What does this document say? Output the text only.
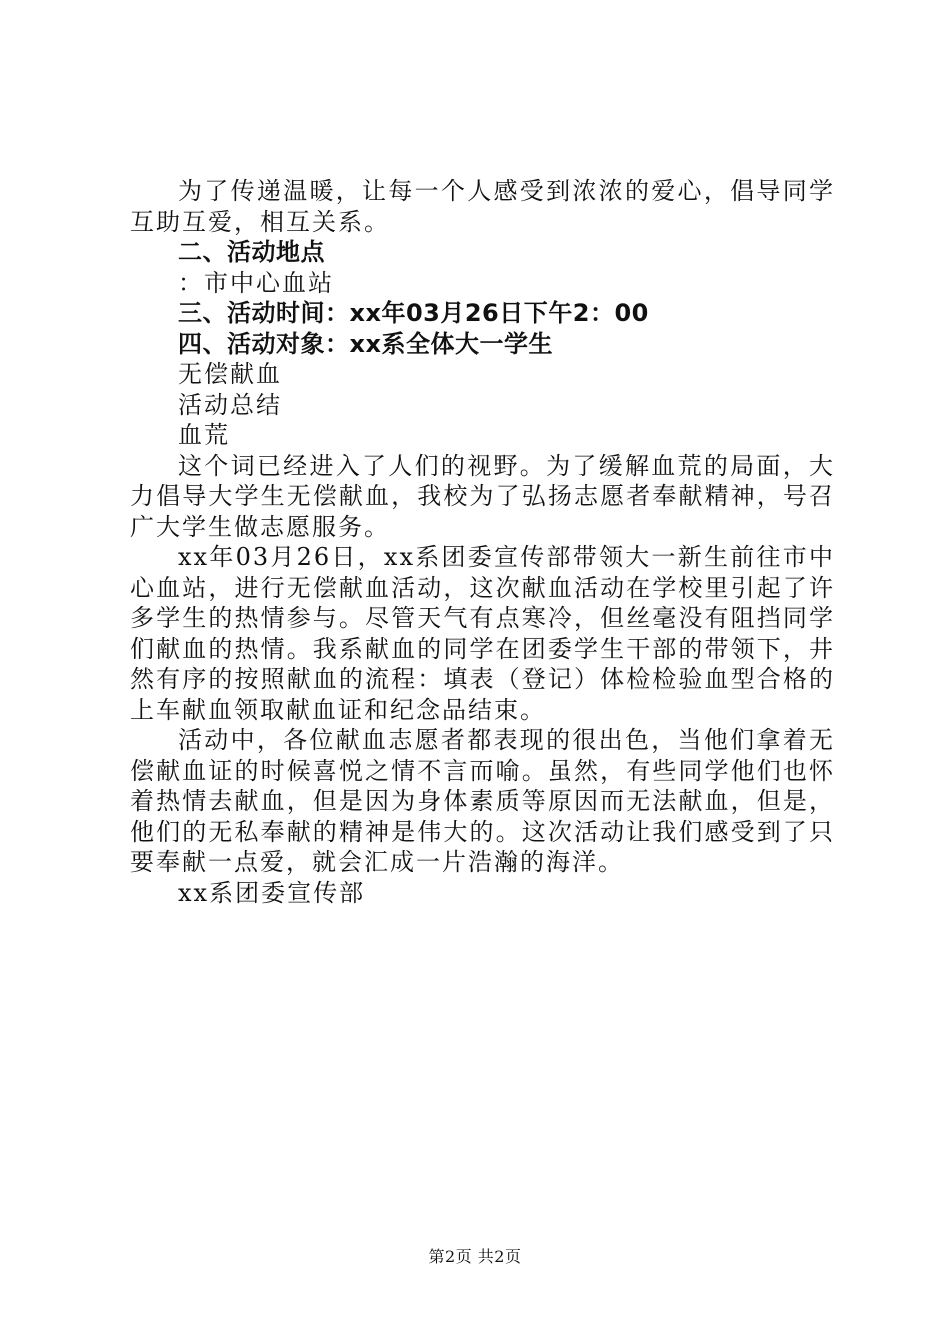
为了传递温暖，让每一个人感受到浓浓的爱心，倡导同学互助互爱，相互关系。

二、活动地点

：市中心血站

三、活动时间：xx年03月26日下午2：00

四、活动对象：xx系全体大一学生

无偿献血

活动总结

血荒

这个词已经进入了人们的视野。为了缓解血荒的局面，大力倡导大学生无偿献血，我校为了弘扬志愿者奉献精神，号召广大学生做志愿服务。

xx年03月26日，xx系团委宣传部带领大一新生前往市中心血站，进行无偿献血活动，这次献血活动在学校里引起了许多学生的热情参与。尽管天气有点寒冷，但丝毫没有阻挡同学们献血的热情。我系献血的同学在团委学生干部的带领下，井然有序的按照献血的流程：填表（登记）体检检验血型合格的上车献血领取献血证和纪念品结束。

活动中，各位献血志愿者都表现的很出色，当他们拿着无偿献血证的时候喜悦之情不言而喻。虽然，有些同学他们也怀着热情去献血，但是因为身体素质等原因而无法献血，但是，他们的无私奉献的精神是伟大的。这次活动让我们感受到了只要奉献一点爱，就会汇成一片浩瀚的海洋。

xx系团委宣传部

第2页 共2页
